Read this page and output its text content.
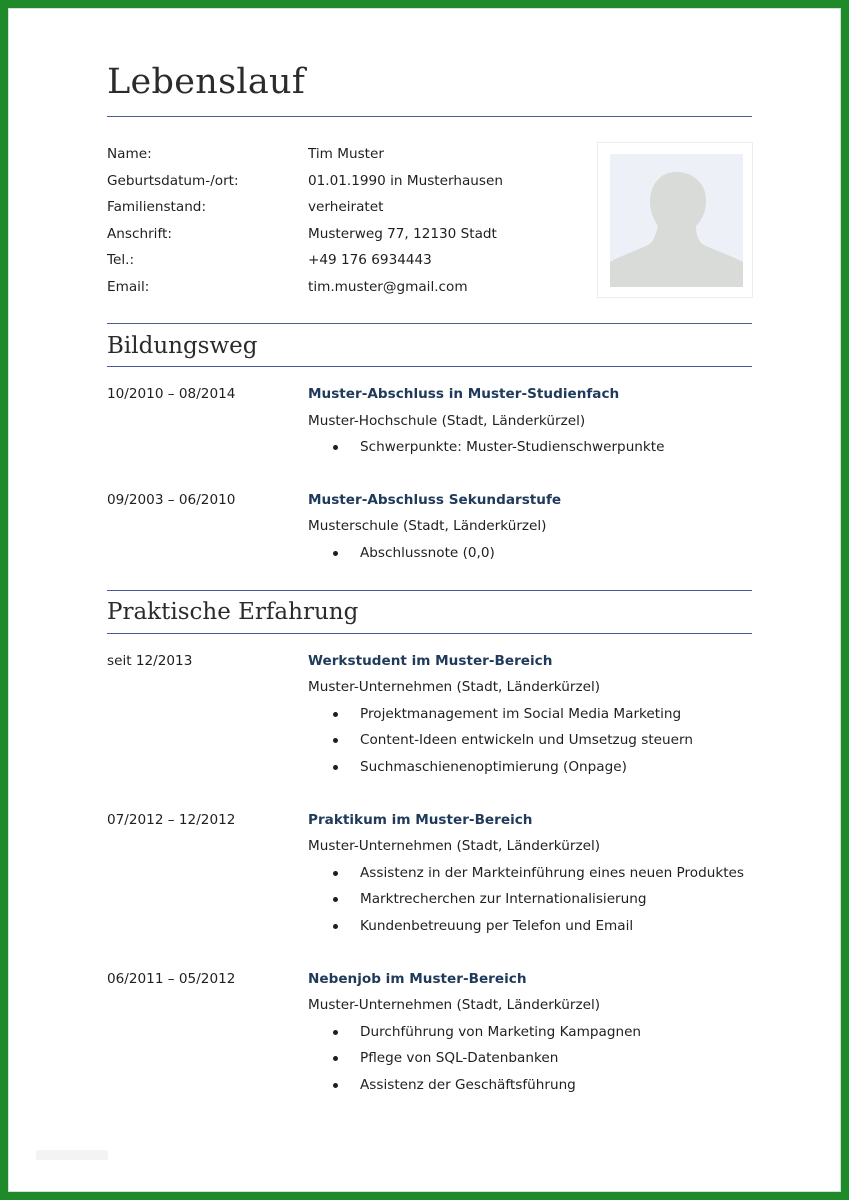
Lebenslauf
Name:	Tim Muster
Geburtsdatum-/ort:	01.01.1990 in Musterhausen
Familienstand:	verheiratet
Anschrift:	Musterweg 77, 12130 Stadt
Tel.:	+49 176 6934443
Email:	tim.muster@gmail.com
Bildungsweg
10/2010 – 08/2014	Muster-Abschluss in Muster-Studienfach
Muster-Hochschule (Stadt, Länderkürzel)
Schwerpunkte: Muster-Studienschwerpunkte
09/2003 – 06/2010	Muster-Abschluss Sekundarstufe
Musterschule (Stadt, Länderkürzel)
Abschlussnote (0,0)
Praktische Erfahrung
seit 12/2013	Werkstudent im Muster-Bereich
Muster-Unternehmen (Stadt, Länderkürzel)
Projektmanagement im Social Media Marketing
Content-Ideen entwickeln und Umsetzug steuern
Suchmaschienenoptimierung (Onpage)
07/2012 – 12/2012	Praktikum im Muster-Bereich
Muster-Unternehmen (Stadt, Länderkürzel)
Assistenz in der Markteinführung eines neuen Produktes
Marktrecherchen zur Internationalisierung
Kundenbetreuung per Telefon und Email
06/2011 – 05/2012	Nebenjob im Muster-Bereich
Muster-Unternehmen (Stadt, Länderkürzel)
Durchführung von Marketing Kampagnen
Pflege von SQL-Datenbanken
Assistenz der Geschäftsführung
